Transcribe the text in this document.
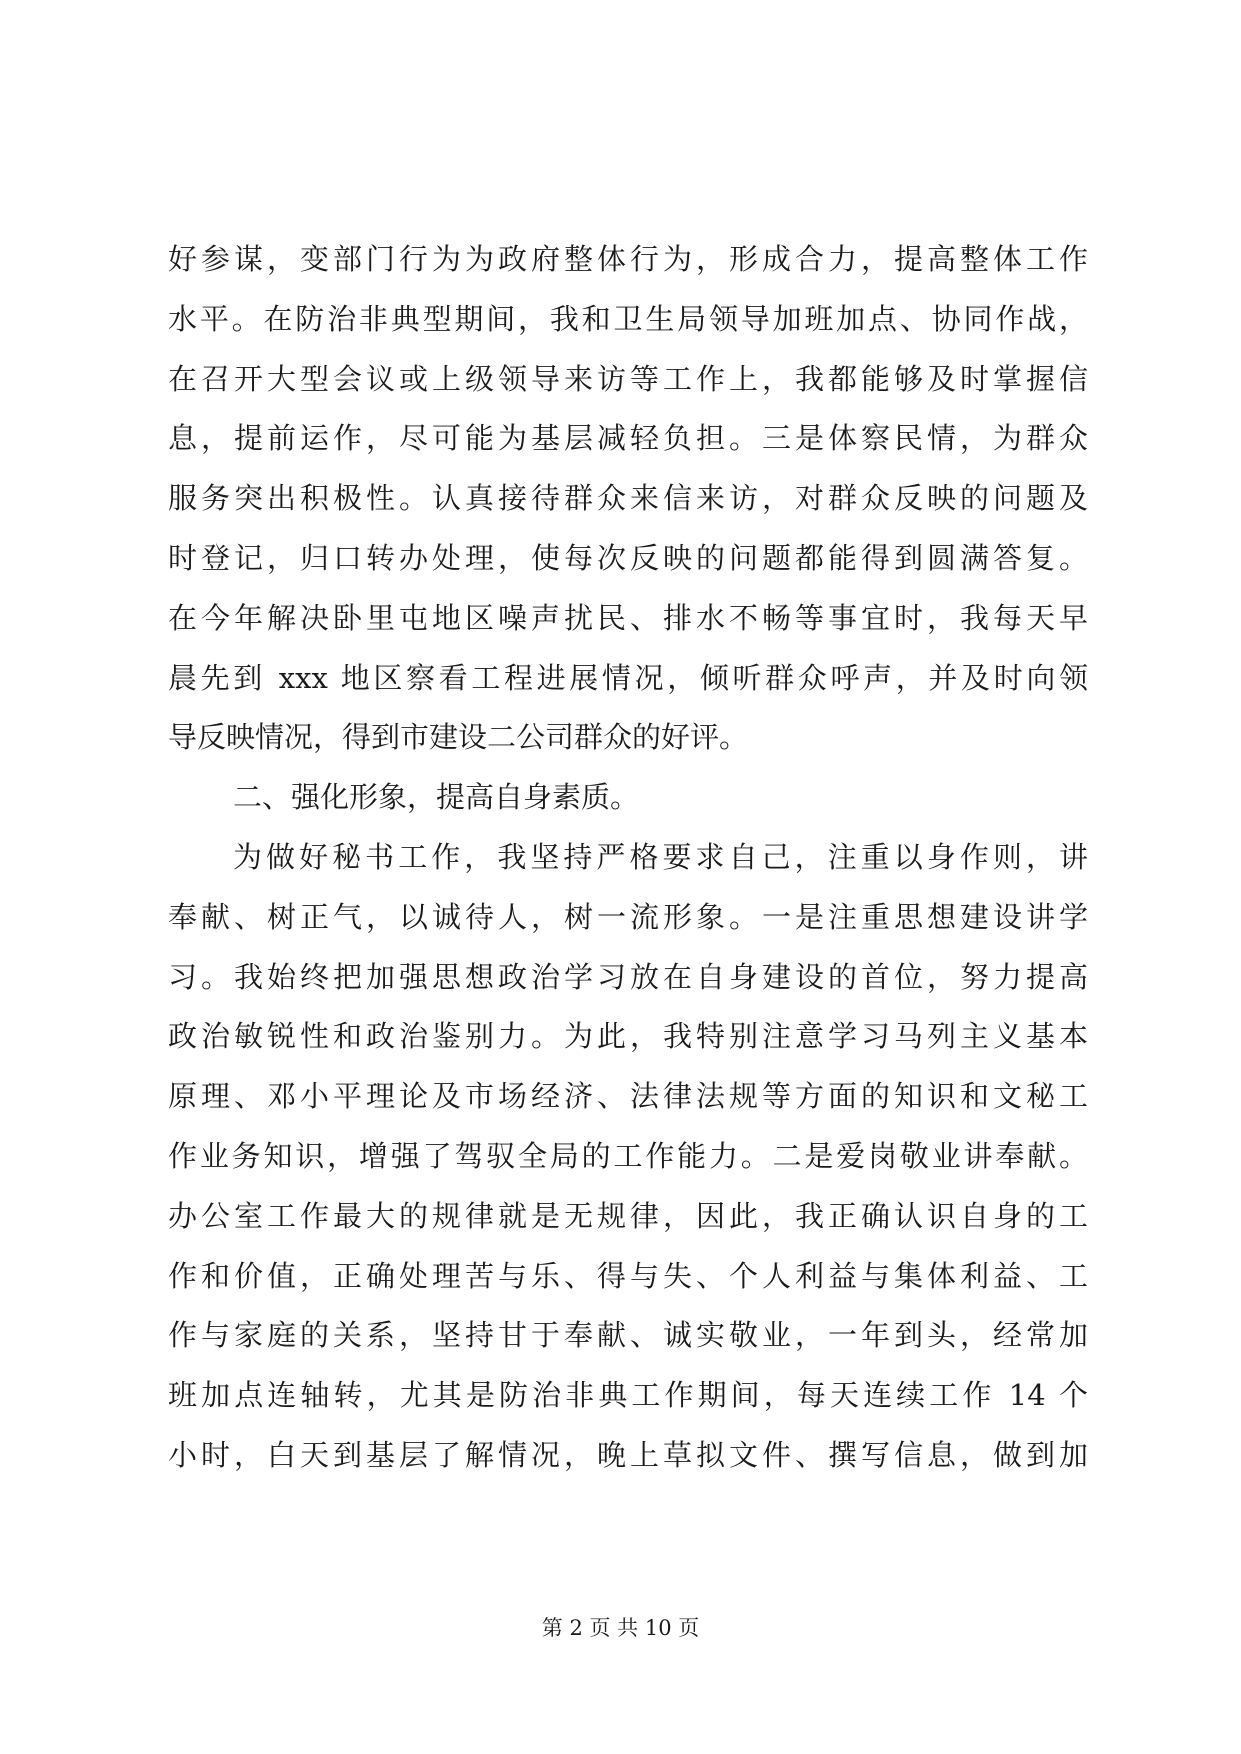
好参谋，变部门行为为政府整体行为，形成合力，提高整体工作
水平。在防治非典型期间，我和卫生局领导加班加点、协同作战，
在召开大型会议或上级领导来访等工作上，我都能够及时掌握信
息，提前运作，尽可能为基层减轻负担。三是体察民情，为群众
服务突出积极性。认真接待群众来信来访，对群众反映的问题及
时登记，归口转办处理，使每次反映的问题都能得到圆满答复。
在今年解决卧里屯地区噪声扰民、排水不畅等事宜时，我每天早
晨先到 xxx 地区察看工程进展情况，倾听群众呼声，并及时向领
导反映情况，得到市建设二公司群众的好评。
二、强化形象，提高自身素质。
为做好秘书工作，我坚持严格要求自己，注重以身作则，讲
奉献、树正气，以诚待人，树一流形象。一是注重思想建设讲学
习。我始终把加强思想政治学习放在自身建设的首位，努力提高
政治敏锐性和政治鉴别力。为此，我特别注意学习马列主义基本
原理、邓小平理论及市场经济、法律法规等方面的知识和文秘工
作业务知识，增强了驾驭全局的工作能力。二是爱岗敬业讲奉献。
办公室工作最大的规律就是无规律，因此，我正确认识自身的工
作和价值，正确处理苦与乐、得与失、个人利益与集体利益、工
作与家庭的关系，坚持甘于奉献、诚实敬业，一年到头，经常加
班加点连轴转，尤其是防治非典工作期间，每天连续工作 14 个
小时，白天到基层了解情况，晚上草拟文件、撰写信息，做到加
第 2 页 共 10 页
